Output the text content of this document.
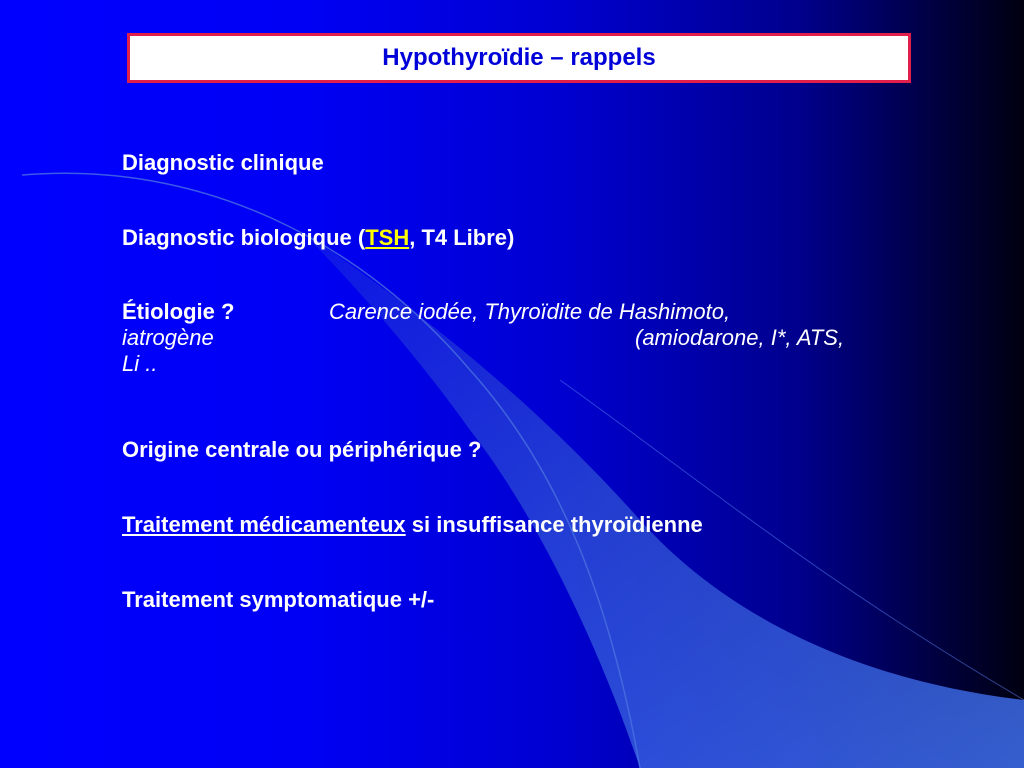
Hypothyroïdie – rappels
Diagnostic clinique
Diagnostic biologique (TSH, T4 Libre)
Étiologie ?	Carence iodée, Thyroïdite de Hashimoto,
iatrogène	(amiodarone, I*, ATS,
Li ..
Origine centrale ou périphérique ?
Traitement médicamenteux si insuffisance thyroïdienne
Traitement symptomatique +/-
